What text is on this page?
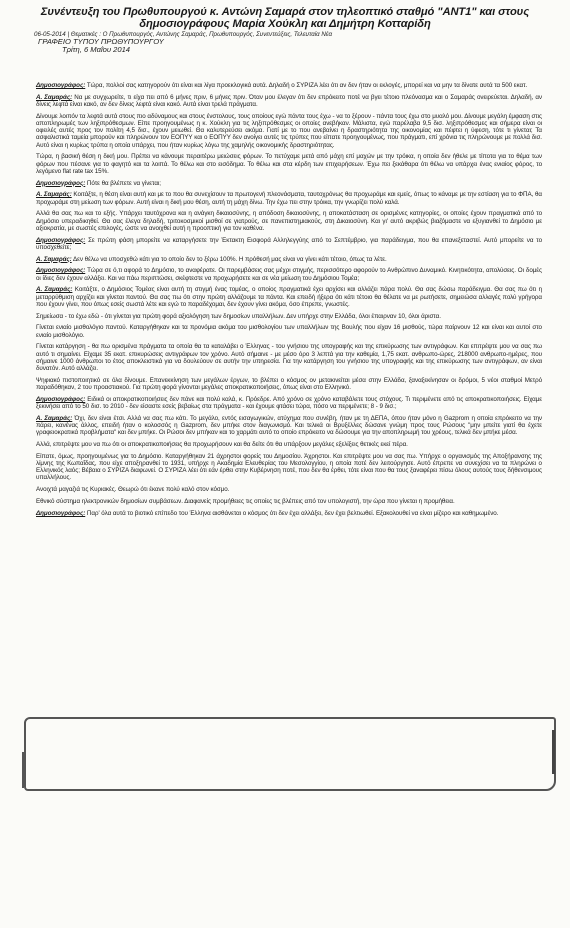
Συνέντευξη του Πρωθυπουργού κ. Αντώνη Σαμαρά στον τηλεοπτικό σταθμό "ΑΝΤ1" και στους δημοσιογράφους Μαρία Χούκλη και Δημήτρη Κοτταρίδη
06-05-2014 | Θεματικές : Ο Πρωθυπουργός, Αντώνης Σαμαράς, Πρωθυπουργός, Συνεντεύξεις, Τελευταία Νέα
ΓΡΑΦΕΙΟ ΤΥΠΟΥ ΠΡΩΘΥΠΟΥΡΓΟΥ
Τρίτη, 6 Μαΐου 2014
Δημοσιογράφος: Τώρα, πολλοί σας κατηγορούν ότι είναι και λίγα προεκλογικά αυτά. Δηλαδή ο ΣΥΡΙΖΑ λέει ότι αν δεν ήταν οι εκλογές, μπορεί και να μην τα δίνατε αυτά τα 500 εκατ.
Α. Σαμαράς: Να με συγχωρείτε, τι είχα πει από 6 μήνες πριν, 6 μήνες πριν. Όταν μου έλεγαν ότι δεν επρόκειτο ποτέ να βγει τέτοιο πλεόνασμα και ο Σαμαράς ονειρεύεται. Δηλαδή, αν δίνεις λεφτά είναι κακό, αν δεν δίνεις λεφτά είναι κακό. Αυτά είναι τρελά πράγματα.
Δίνουμε λοιπόν τα λεφτά αυτά στους πιο αδύναμους και στους ένστολους, τους οποίους εγώ πάντα τους έχω - να το ξέρουν - πάντα τους έχω στο μυαλό μου. Δίνουμε μεγάλη έμφαση στις αποπληρωμές των ληξιπρόθεσμων. Είπε προηγουμένως η κ. Χούκλη για τις ληξιπρόθεσμες οι οποίες ανεβήκαν. Μάλιστα, εγώ παρέλαβα 9,5 δισ. ληξιπρόθεσμες και σήμερα είναι οι οφειλές αυτές προς τον πολίτη 4,5 δισ., έχουν μειωθεί. Θα καλυτερεύσει ακόμα. Γιατί με το που ανεβαίνει η δραστηριότητα της οικονομίας και πέφτει η ύφεση, τότε τι γίνεται; Τα ασφαλιστικά ταμεία μπορούν και πληρώνουν τον ΕΟΠΥΥ και ο ΕΟΠΥΥ δεν ανοίγει αυτές τις τρύπες που είπατε προηγουμένως, που πράγματι, επί χρόνια τις πληρώνουμε με πολλά δισ. Αυτό είναι η κυρίως τρύπα η οποία υπάρχει, που ήταν κυρίως λόγω της χαμηλής οικονομικής δραστηριότητας.
Τώρα, η βασική θέση η δική μου. Πρέπει να κάνουμε περαιτέρω μειώσεις φόρων. Το πετύχαμε μετά από μάχη επί μαχών με την τρόικα, η οποία δεν ήθελε με τίποτα για το θέμα των φόρων που πέσανε για το φαγητό και τα λοιπά. Το θέλω και στο εισόδημα. Το θέλω και στα κέρδη των επιχειρήσεων. Έχω πει ξεκάθαρα ότι θέλω να υπάρχει ένας ενιαίος φόρος, το λεγόμενο flat rate tax 15%.
Δημοσιογράφος: Πότε θα βλέπετε να γίνεται;
Α. Σαμαράς: Κοιτάξτε, η θέση είναι αυτή και με το που θα συνεχίσουν τα πρωτογενή πλεονάσματα, ταυτοχρόνως θα προχωράμε και εμείς, όπως το κάναμε με την εστίαση για το ΦΠΑ, θα προχωράμε στη μείωση των φόρων. Αυτή είναι η δική μου θέση, αυτή τη μάχη δίνω. Την έχω πει στην τρόικα, την γνωρίζει πολύ καλά.
Αλλά θα σας πω και το εξής. Υπάρχει ταυτόχρονα και η ανάγκη δικαιοσύνης, η απόδοση δικαιοσύνης, η αποκατάσταση σε ορισμένες κατηγορίες, οι οποίες έχουν πραγματικά από το Δημόσιο υπεραδικηθεί. Θα σας έλεγα δηλαδή, τριτοκοσμικοί μισθοί σε γιατρούς, σε πανεπιστημιακούς, στη Δικαιοσύνη. Και γι' αυτό ακριβώς βιαζόμαστε να εξυγιανθεί το Δημόσιο με αξιοκρατία, με σωστές επιλογές, ώστε να ανοιχθεί αυτή η προοπτική για τον καθένα.
Δημοσιογράφος: Σε πρώτη φάση μπορείτε να καταργήσετε την Έκτακτη Εισφορά Αλληλεγγύης από το Σεπτέμβριο, για παράδειγμα, που θα επανεξεταστεί. Αυτό μπορείτε να το υποσχεθείτε;
Α. Σαμαράς: Δεν θέλω να υποσχεθώ κάτι για το οποίο δεν το ξέρω 100%. Η πρόθεσή μας είναι να γίνει κάτι τέτοιο, όπως τα λέτε.
Δημοσιογράφος: Τώρα σε ό,τι αφορά το Δημόσιο, το αναφέρατε. Οι παρεμβάσεις σας μέχρι στιγμής, περισσότερο αφορούν το Ανθρώπινο Δυναμικό. Κινητικότητα, απολύσεις. Οι δομές οι ίδιες δεν έχουν αλλάξει. Και να πάω περιπτώσει, σκέφτεστε να προχωρήσετε και σε νέα μείωση του Δημόσιου Τομέα;
Α. Σαμαράς: Κοιτάξτε, ο Δημόσιος Τομέας είναι αυτή τη στιγμή ένας τομέας, ο οποίος πραγματικά έχει αρχίσει και αλλάζει πάρα πολύ. Θα σας δώσω παράδειγμα. Θα σας πω ότι η μεταρρύθμιση αρχίζει και γίνεται παντού. Θα σας πω ότι στην πρώτη αλλάζουμε τα πάντα. Και επειδή ήξερα ότι κάτι τέτοιο θα θέλατε να με ρωτήσετε, σημειώσα αλλαγές πολύ γρήγορα που έχουν γίνει, που όπως εσείς σωστά λέτε και εγώ το παραδέχομαι, δεν έχουν γίνει ακόμα, όσο έπρεπε, γνωστές.
Σημείωσα - το έχω εδώ - ότι γίνεται για πρώτη φορά αξιολόγηση των δημοσίων υπαλλήλων. Δεν υπήρχε στην Ελλάδα, όλοι έπαιρναν 10, όλοι άριστα.
Γίνεται ενιαίο μισθολόγιο παντού. Καταργήθηκαν και τα προνόμια ακόμα του μισθολογίου των υπαλλήλων της Βουλής που είχαν 16 μισθούς, τώρα παίρνουν 12 και είναι και αυτοί στο ενιαίο μισθολόγιο.
Γίνεται κατάργηση - θα πω ορισμένα πράγματα τα οποία θα τα καταλάβει ο Έλληνας - του γνήσιου της υπογραφής και της επικύρωσης των αντιγράφων. Και επιτρέψτε μου να σας πω αυτό τι σημαίνει. Είχαμε 35 εκατ. επικυρώσεις αντιγράφων τον χρόνο. Αυτό σήμαινε - με μέσο όρο 3 λεπτά για την καθεμία, 1,75 εκατ. ανθρωπο-ώρες, 218000 ανθρωπο-ημέρες, που σήμαινε 1000 άνθρωποι το έτος αποκλειστικά για να δουλεύουν σε αυτήν την υπηρεσία. Για την κατάργηση του γνήσιου της υπογραφής και της επικύρωσης των αντιγράφων, αν είναι δυνατόν. Αυτό αλλάζει.
Ψηφιακό πιστοποιητικό σε όλα δίνουμε. Επανεκκίνηση των μεγάλων έργων, το βλέπει ο κόσμος ον μετακινείται μέσα στην Ελλάδα, ξαναξεκίνησαν οι δρόμοι, 5 νέοι σταθμοί Μετρό παραδόθηκαν, 2 του προαστιακού. Για πρώτη φορά γίνονται μεγάλες αποκρατικοποιήσεις, όπως είναι στο Ελληνικό.
Δημοσιογράφος: Ειδικά οι αποκρατικοποιήσεις δεν πάνε και πολύ καλά, κ. Πρόεδρε. Από χρόνο σε χρόνο καταβάλετε τους στόχους. Τι περιμένετε από τις αποκρατικοποιήσεις. Είχαμε ξεκινήσει από το 50 δισ. το 2010 - δεν είσαστε εσείς βεβαίως στα πράγματα - και έχουμε φτάσει τώρα, πόσο να περιμένετε; 8 - 9 δισ.;
Α. Σαμαράς: Όχι, δεν είναι έτσι. Αλλά να σας πω κάτι. Το μεγάλο, εντός εισαγωγικών, ατύχημα που συνέβη, ήταν με τη ΔΕΠΑ, όπου ήταν μόνο η Gazprom η οποία επρόκειτο να την πάρει, κανένας άλλος, επειδή ήταν ο κολοσσός η Gazprom, δεν μπήκε στον διαγωνισμό. Και τελικά οι Βρυξέλλες δώσανε γνώμη προς τους Ρώσους "μην μπείτε γιατί θα έχετε γραφειοκρατικά προβλήματα" και δεν μπήκε. Οι Ρώσοι δεν μπήκαν και το χαρμάτι αυτό το οποίο επρόκειτο να δώσουμε για την αποπληρωμή του χρέους, τελικά δεν μπήκε μέσα.
Αλλά, επιτρέψτε μου να πω ότι οι αποκρατικοποιήσεις θα προχωρήσουν και θα δείτε ότι θα υπάρξουν μεγάλες εξελίξεις θετικές εκεί πέρα.
Είπατε, όμως, προηγουμένως για το Δημόσιο. Καταργήθηκαν 21 άχρηστοι φορείς του Δημοσίου. Άχρηστοι. Και επιτρέψτε μου να σας πω. Υπήρχε ο οργανισμός της Αποξήρανσης της λίμνης της Κωπαΐδας, που είχε αποξηρανθεί το 1931, υπήρχε η Ακαδημία Ελευθερίας του Μεσολογγίου, η οποία ποτέ δεν λειτούργησε. Αυτό έπρεπε να συνεχίσει να τα πληρώνει ο Ελληνικός λαός; Βέβαια ο ΣΥΡΙΖΑ διαφωνεί. Ο ΣΥΡΙΖΑ λέει ότι εάν έρθει στην Κυβέρνηση ποτέ, που δεν θα έρθει, τότε είναι που θα τους ξαναφέρει πίσω όλους αυτούς τους δήθενσιμους υπαλλήλους.
Ανοιχτά μαγαζιά τις Κυριακές. Θεωρώ ότι έκανε πολύ καλό στον κόσμο.
Εθνικό σύστημα ηλεκτρονικών δημοσίων συμβάσεων. Διαφανείς προμήθειες τις οποίες τις βλέπεις από τον υπολογιστή, την ώρα που γίνεται η προμήθεια.
Δημοσιογράφος: Παρ' όλα αυτά το βιοτικό επίπεδο του Έλληνα αισθάνεται ο κόσμος ότι δεν έχει αλλάξει, δεν έχει βελτιωθεί. Εξακολουθεί να είναι μίζερο και καθημωμένο.
